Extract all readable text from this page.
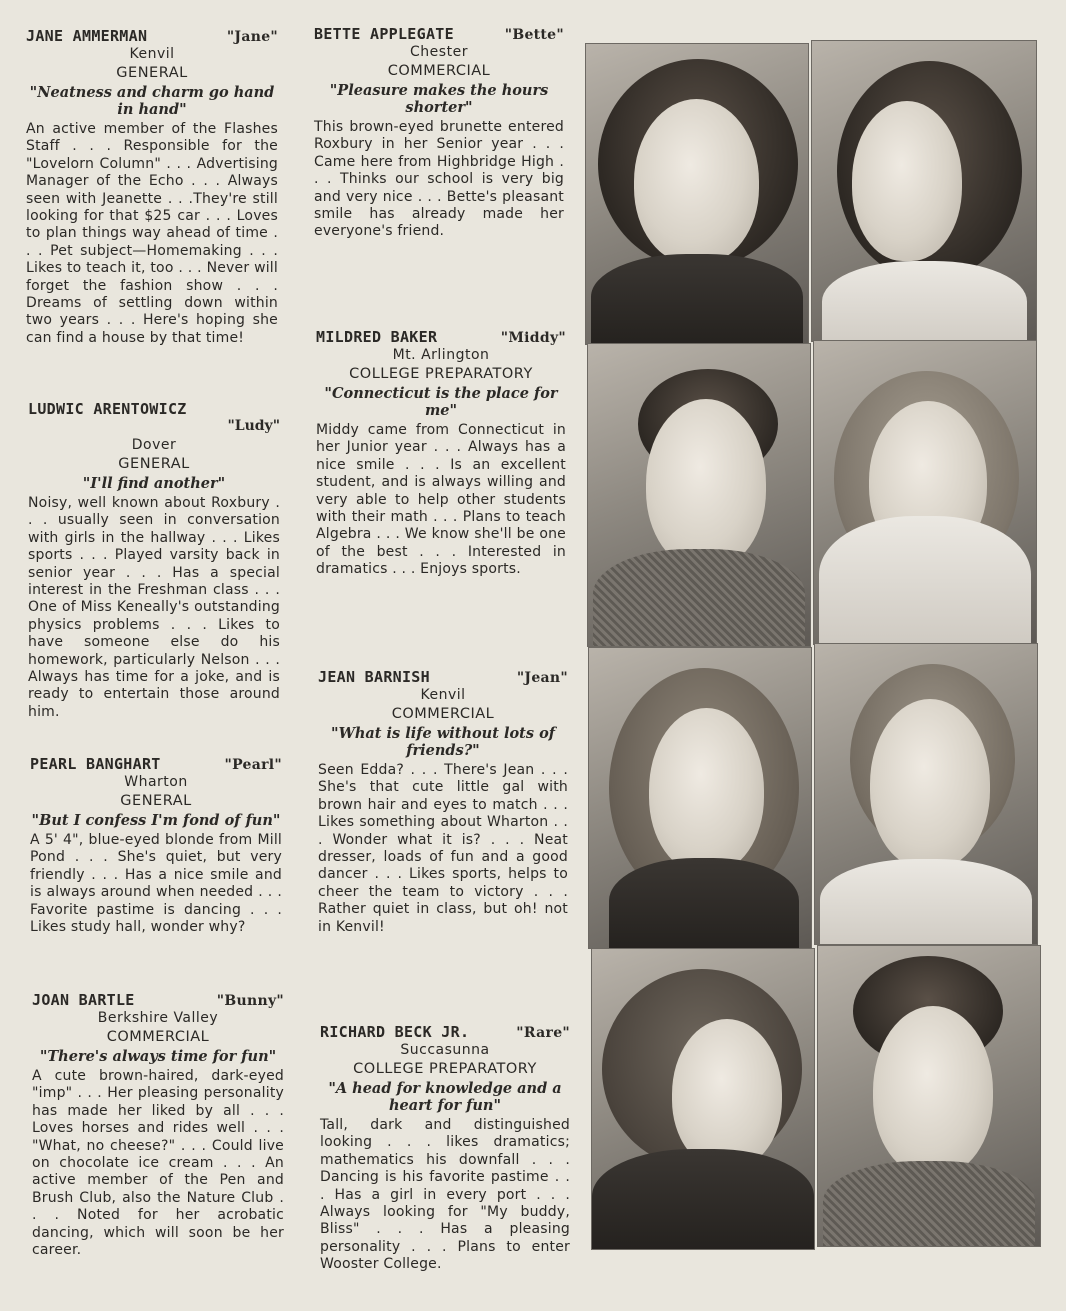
JANE AMMERMAN	"Jane"
Kenvil
GENERAL
"Neatness and charm go hand in hand"
An active member of the Flashes Staff . . . Responsible for the "Lovelorn Column" . . . Advertising Manager of the Echo . . . Always seen with Jeanette . . .They're still looking for that $25 car . . . Loves to plan things way ahead of time . . . Pet subject—Homemaking . . . Likes to teach it, too . . . Never will forget the fashion show . . . Dreams of settling down within two years . . . Here's hoping she can find a house by that time!
LUDWIC ARENTOWICZ
"Ludy"
Dover
GENERAL
"I'll find another"
Noisy, well known about Roxbury . . . usually seen in conversation with girls in the hallway . . . Likes sports . . . Played varsity back in senior year . . . Has a special interest in the Freshman class . . . One of Miss Keneally's outstanding physics problems . . . Likes to have someone else do his homework, particularly Nelson . . . Always has time for a joke, and is ready to entertain those around him.
PEARL BANGHART	"Pearl"
Wharton
GENERAL
"But I confess I'm fond of fun"
A 5' 4", blue-eyed blonde from Mill Pond . . . She's quiet, but very friendly . . . Has a nice smile and is always around when needed . . . Favorite pastime is dancing . . . Likes study hall, wonder why?
JOAN BARTLE	"Bunny"
Berkshire Valley
COMMERCIAL
"There's always time for fun"
A cute brown-haired, dark-eyed "imp" . . . Her pleasing personality has made her liked by all . . . Loves horses and rides well . . . "What, no cheese?" . . . Could live on chocolate ice cream . . . An active member of the Pen and Brush Club, also the Nature Club . . . Noted for her acrobatic dancing, which will soon be her career.
BETTE APPLEGATE	"Bette"
Chester
COMMERCIAL
"Pleasure makes the hours shorter"
This brown-eyed brunette entered Roxbury in her Senior year . . . Came here from Highbridge High . . . Thinks our school is very big and very nice . . . Bette's pleasant smile has already made her everyone's friend.
MILDRED BAKER	"Middy"
Mt. Arlington
COLLEGE PREPARATORY
"Connecticut is the place for me"
Middy came from Connecticut in her Junior year . . . Always has a nice smile . . . Is an excellent student, and is always willing and very able to help other students with their math . . . Plans to teach Algebra . . . We know she'll be one of the best . . . Interested in dramatics . . . Enjoys sports.
JEAN BARNISH	"Jean"
Kenvil
COMMERCIAL
"What is life without lots of friends?"
Seen Edda? . . . There's Jean . . . She's that cute little gal with brown hair and eyes to match . . . Likes something about Wharton . . . Wonder what it is? . . . Neat dresser, loads of fun and a good dancer . . . Likes sports, helps to cheer the team to victory . . . Rather quiet in class, but oh! not in Kenvil!
RICHARD BECK JR.	"Rare"
Succasunna
COLLEGE PREPARATORY
"A head for knowledge and a heart for fun"
Tall, dark and distinguished looking . . . likes dramatics; mathematics his downfall . . . Dancing is his favorite pastime . . . Has a girl in every port . . . Always looking for "My buddy, Bliss" . . . Has a pleasing personality . . . Plans to enter Wooster College.
